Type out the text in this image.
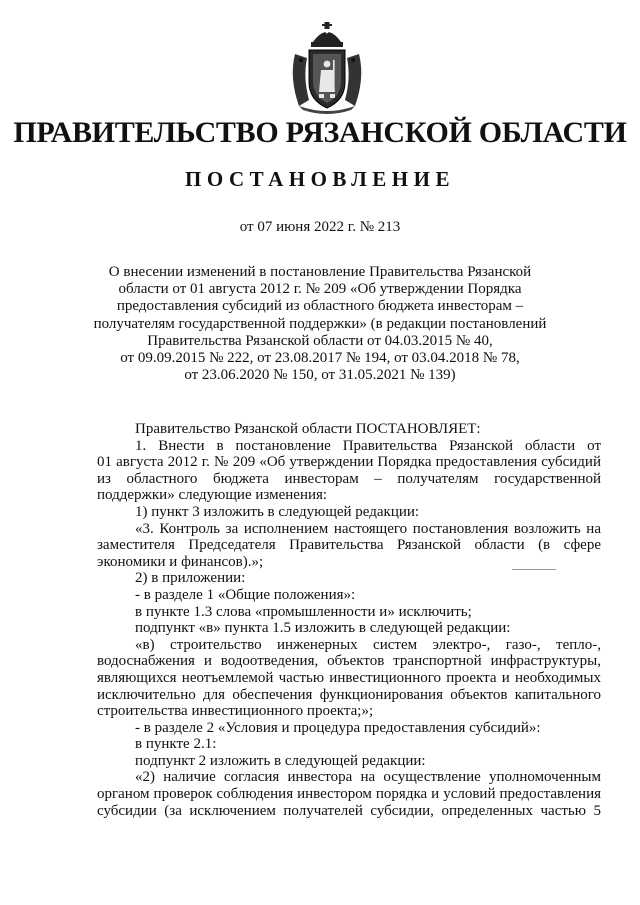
ПРАВИТЕЛЬСТВО РЯЗАНСКОЙ ОБЛАСТИ
ПОСТАНОВЛЕНИЕ
от 07 июня 2022 г. № 213
О внесении изменений в постановление Правительства Рязанской
области от 01 августа 2012 г. № 209 «Об утверждении Порядка
предоставления субсидий из областного бюджета инвесторам –
получателям государственной поддержки» (в редакции постановлений
Правительства Рязанской области от 04.03.2015 № 40,
от 09.09.2015 № 222, от 23.08.2017 № 194, от 03.04.2018 № 78,
от 23.06.2020 № 150, от 31.05.2021 № 139)

Правительство Рязанской области ПОСТАНОВЛЯЕТ:

1. Внести в постановление Правительства Рязанской области от
01 августа 2012 г. № 209 «Об утверждении Порядка предоставления субсидий
из областного бюджета инвесторам – получателям государственной
поддержки» следующие изменения:

1) пункт 3 изложить в следующей редакции:

«3. Контроль за исполнением настоящего постановления возложить на
заместителя Председателя Правительства Рязанской области (в сфере
экономики и финансов).»;

2) в приложении:

- в разделе 1 «Общие положения»:

в пункте 1.3 слова «промышленности и» исключить;

подпункт «в» пункта 1.5 изложить в следующей редакции:

«в) строительство инженерных систем электро-, газо-, тепло-,
водоснабжения и водоотведения, объектов транспортной инфраструктуры,
являющихся неотъемлемой частью инвестиционного проекта и необходимых
исключительно для обеспечения функционирования объектов капитального
строительства инвестиционного проекта;»;

- в разделе 2 «Условия и процедура предоставления субсидий»:

в пункте 2.1:

подпункт 2 изложить в следующей редакции:

«2) наличие согласия инвестора на осуществление уполномоченным
органом проверок соблюдения инвестором порядка и условий предоставления
субсидии (за исключением получателей субсидии, определенных частью 5
